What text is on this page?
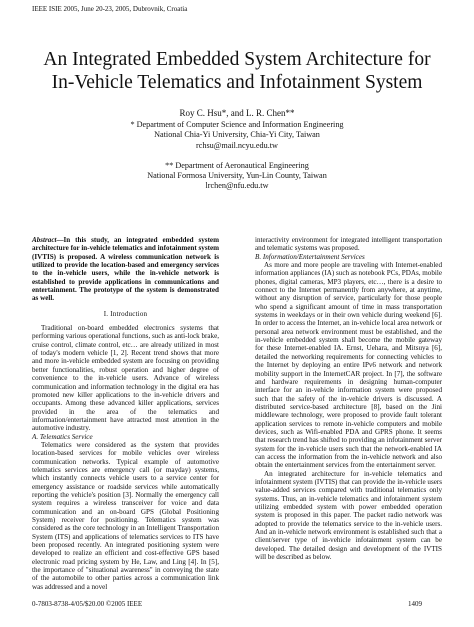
IEEE ISIE 2005, June 20-23, 2005, Dubrovnik, Croatia
An Integrated Embedded System Architecture for
In-Vehicle Telematics and Infotainment System
Roy C. Hsu*, and L. R. Chen**
* Department of Computer Science and Information Engineering
National Chia-Yi University, Chia-Yi City, Taiwan
rchsu@mail.ncyu.edu.tw
** Department of Aeronautical Engineering
National Formosa University, Yun-Lin County, Taiwan
lrchen@nfu.edu.tw

Abstract—In this study, an integrated embedded system architecture for in-vehicle telematics and infotainment system (IVTIS) is proposed. A wireless communication network is utilized to provide the location-based and emergency services to the in-vehicle users, while the in-vehicle network is established to provide applications in communications and entertainment. The prototype of the system is demonstrated as well.

I. Introduction

Traditional on-board embedded electronics systems that performing various operational functions, such as anti-lock brake, cruise control, climate control, etc… are already utilized in most of today's modern vehicle [1, 2]. Recent trend shows that more and more in-vehicle embedded system are focusing on providing better functionalities, robust operation and higher degree of convenience to the in-vehicle users. Advance of wireless communication and information technology in the digital era has promoted new killer applications to the in-vehicle drivers and occupants. Among these advanced killer applications, services provided in the area of the telematics and information/entertainment have attracted most attention in the automotive industry.

A. Telematics Service

Telematics were considered as the system that provides location-based services for mobile vehicles over wireless communication networks. Typical example of automotive telematics services are emergency call (or mayday) systems, which instantly connects vehicle users to a service center for emergency assistance or roadside services while automatically reporting the vehicle's position [3]. Normally the emergency call system requires a wireless transceiver for voice and data communication and an on-board GPS (Global Positioning System) receiver for positioning. Telematics system was considered as the core technology in an Intelligent Transportation System (ITS) and applications of telematics services to ITS have been proposed recently. An integrated positioning system were developed to realize an efficient and cost-effective GPS based electronic road pricing system by He, Law, and Ling [4]. In [5], the importance of "situational awareness" in conveying the state of the automobile to other parties across a communication link was addressed and a novel

interactivity environment for integrated intelligent transportation and telematic systems was proposed.

B. Information/Entertainment Services

As more and more people are traveling with Internet-enabled information appliances (IA) such as notebook PCs, PDAs, mobile phones, digital cameras, MP3 players, etc…, there is a desire to connect to the Internet permanently from anywhere, at anytime, without any disruption of service, particularly for those people who spend a significant amount of time in mass transportation systems in weekdays or in their own vehicle during weekend [6]. In order to access the Internet, an in-vehicle local area network or personal area network environment must be established, and the in-vehicle embedded system shall become the mobile gateway for these Internet-enabled IA. Ernst, Uehara, and Mitsuya [6], detailed the networking requirements for connecting vehicles to the Internet by deploying an entire IPv6 network and network mobility support in the InternetCAR project. In [7], the software and hardware requirements in designing human-computer interface for an in-vehicle information system were proposed such that the safety of the in-vehicle drivers is discussed. A distributed service-based architecture [8], based on the Jini middleware technology, were proposed to provide fault tolerant application services to remote in-vehicle computers and mobile devices, such as Wifi-enabled PDA and GPRS phone. It seems that research trend has shifted to providing an infotainment server system for the in-vehicle users such that the network-enabled IA can access the information from the in-vehicle network and also obtain the entertainment services from the entertainment server.

An integrated architecture for in-vehicle telematics and infotainment system (IVTIS) that can provide the in-vehicle users value-added services compared with traditional telematics only systems. Thus, an in-vehicle telematics and infotainment system utilizing embedded system with power embedded operation system is proposed in this paper. The packet radio network was adopted to provide the telematics service to the in-vehicle users. And an in-vehicle network environment is established such that a client/server type of in-vehicle infotainment system can be developed. The detailed design and development of the IVTIS will be described as below.

0-7803-8738-4/05/$20.00 ©2005 IEEE	1409
